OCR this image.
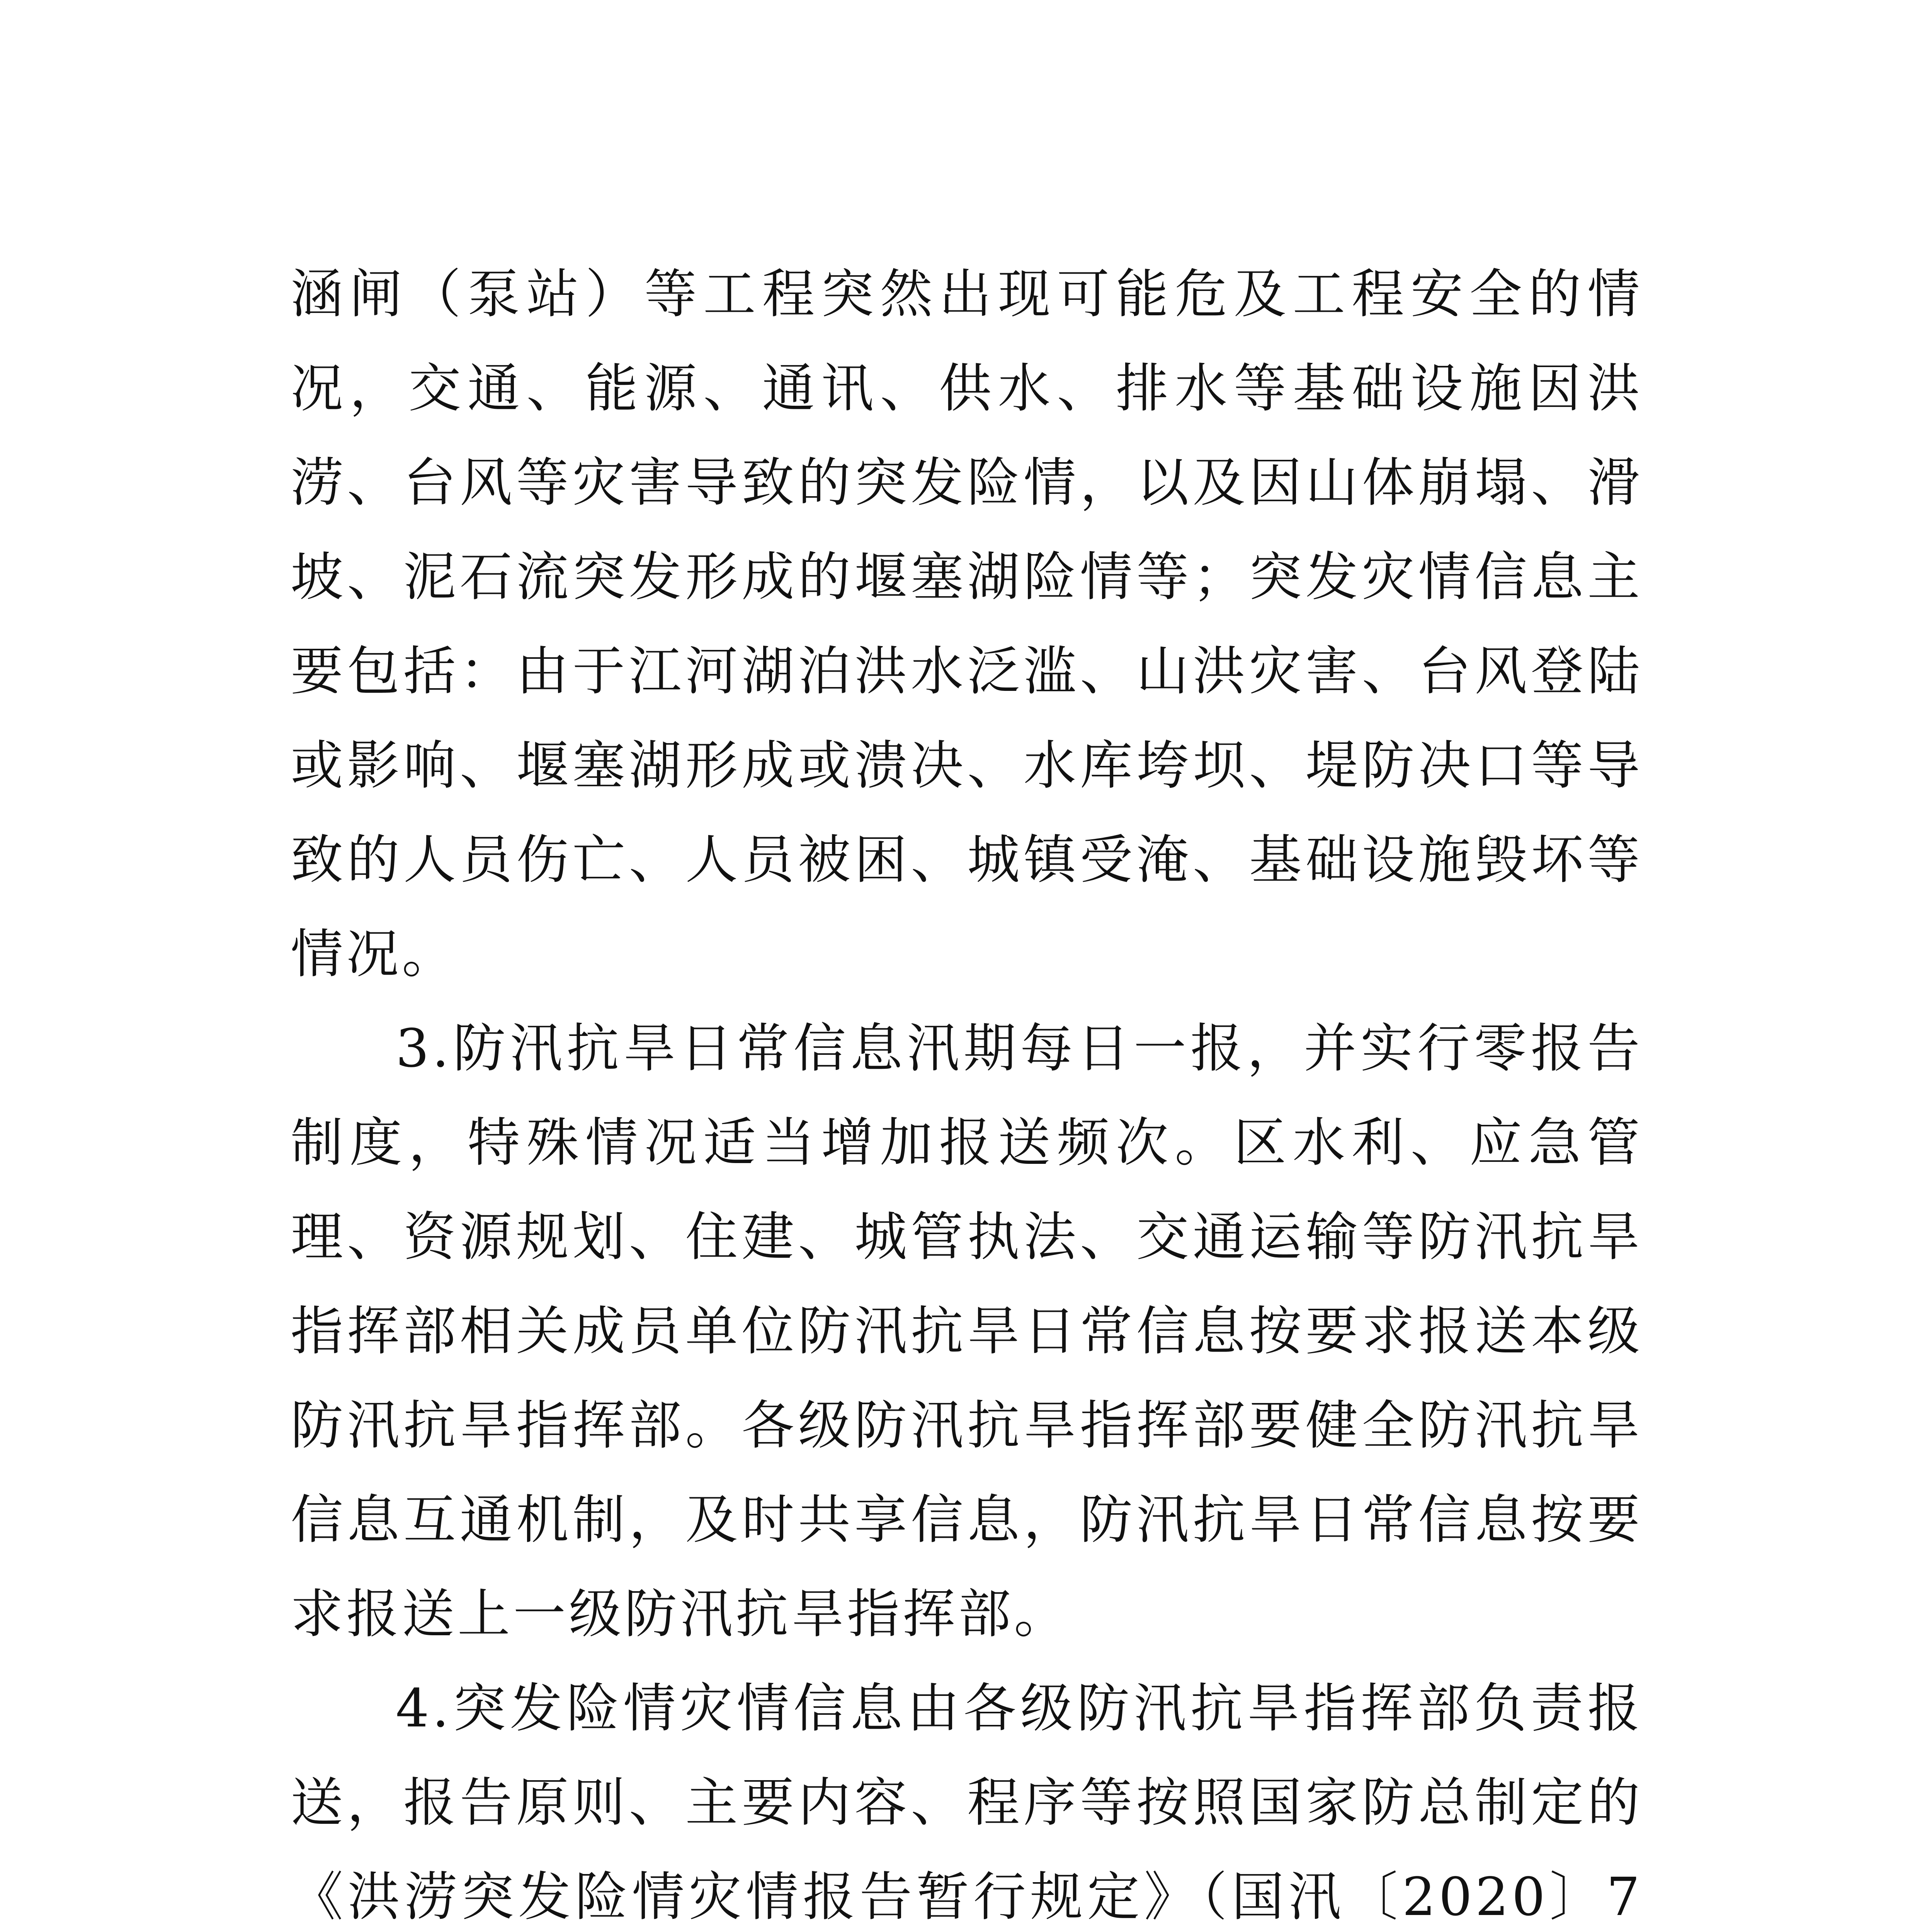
涵闸（泵站）等工程突然出现可能危及工程安全的情况，交通、能源、通讯、供水、排水等基础设施因洪涝、台风等灾害导致的突发险情，以及因山体崩塌、滑坡、泥石流突发形成的堰塞湖险情等；突发灾情信息主要包括：由于江河湖泊洪水泛滥、山洪灾害、台风登陆或影响、堰塞湖形成或溃决、水库垮坝、堤防决口等导致的人员伤亡、人员被困、城镇受淹、基础设施毁坏等情况。

3.防汛抗旱日常信息汛期每日一报，并实行零报告制度，特殊情况适当增加报送频次。区水利、应急管理、资源规划、住建、城管执法、交通运输等防汛抗旱指挥部相关成员单位防汛抗旱日常信息按要求报送本级防汛抗旱指挥部。各级防汛抗旱指挥部要健全防汛抗旱信息互通机制，及时共享信息，防汛抗旱日常信息按要求报送上一级防汛抗旱指挥部。

4.突发险情灾情信息由各级防汛抗旱指挥部负责报送，报告原则、主要内容、程序等按照国家防总制定的《洪涝突发险情灾情报告暂行规定》（国汛〔2020〕7
